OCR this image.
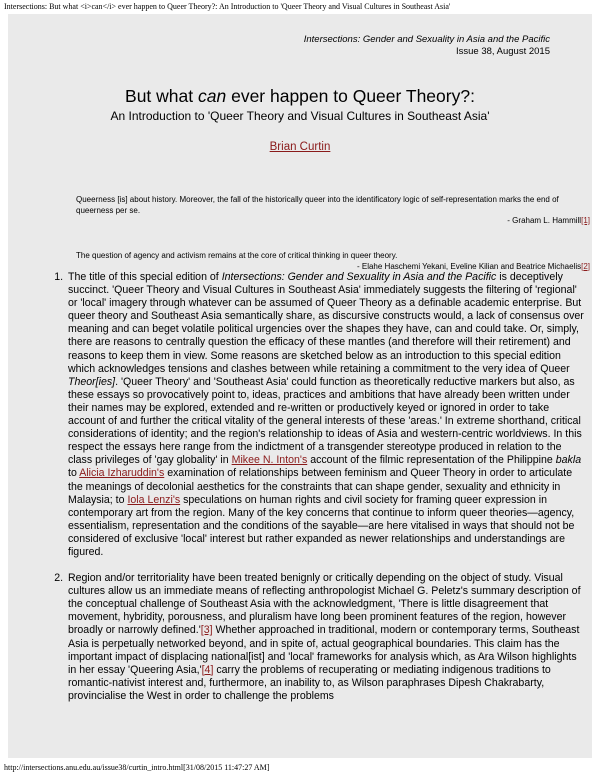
Intersections: But what <i>can</i> ever happen to Queer Theory?: An Introduction to 'Queer Theory and Visual Cultures in Southeast Asia'
Intersections: Gender and Sexuality in Asia and the Pacific
Issue 38, August 2015
But what can ever happen to Queer Theory?:
An Introduction to 'Queer Theory and Visual Cultures in Southeast Asia'
Brian Curtin
Queerness [is] about history. Moreover, the fall of the historically queer into the identificatory logic of self-representation marks the end of queerness per se.
- Graham L. Hammill[1]
The question of agency and activism remains at the core of critical thinking in queer theory.
- Elahe Haschemi Yekani, Eveline Kilian and Beatrice Michaelis[2]
1. The title of this special edition of Intersections: Gender and Sexuality in Asia and the Pacific is deceptively succinct. 'Queer Theory and Visual Cultures in Southeast Asia' immediately suggests the filtering of 'regional' or 'local' imagery through whatever can be assumed of Queer Theory as a definable academic enterprise. But queer theory and Southeast Asia semantically share, as discursive constructs would, a lack of consensus over meaning and can beget volatile political urgencies over the shapes they have, can and could take. Or, simply, there are reasons to centrally question the efficacy of these mantles (and therefore will their retirement) and reasons to keep them in view. Some reasons are sketched below as an introduction to this special edition which acknowledges tensions and clashes between while retaining a commitment to the very idea of Queer Theor[ies]. 'Queer Theory' and 'Southeast Asia' could function as theoretically reductive markers but also, as these essays so provocatively point to, ideas, practices and ambitions that have already been written under their names may be explored, extended and re-written or productively keyed or ignored in order to take account of and further the critical vitality of the general interests of these 'areas.' In extreme shorthand, critical considerations of identity; and the region's relationship to ideas of Asia and western-centric worldviews. In this respect the essays here range from the indictment of a transgender stereotype produced in relation to the class privileges of 'gay globality' in Mikee N. Inton's account of the filmic representation of the Philippine bakla to Alicia Izharuddin's examination of relationships between feminism and Queer Theory in order to articulate the meanings of decolonial aesthetics for the constraints that can shape gender, sexuality and ethnicity in Malaysia; to Iola Lenzi's speculations on human rights and civil society for framing queer expression in contemporary art from the region. Many of the key concerns that continue to inform queer theories—agency, essentialism, representation and the conditions of the sayable—are here vitalised in ways that should not be considered of exclusive 'local' interest but rather expanded as newer relationships and understandings are figured.
2. Region and/or territoriality have been treated benignly or critically depending on the object of study. Visual cultures allow us an immediate means of reflecting anthropologist Michael G. Peletz's summary description of the conceptual challenge of Southeast Asia with the acknowledgment, 'There is little disagreement that movement, hybridity, porousness, and pluralism have long been prominent features of the region, however broadly or narrowly defined.'[3] Whether approached in traditional, modern or contemporary terms, Southeast Asia is perpetually networked beyond, and in spite of, actual geographical boundaries. This claim has the important impact of displacing national[ist] and 'local' frameworks for analysis which, as Ara Wilson highlights in her essay 'Queering Asia,'[4] carry the problems of recuperating or mediating indigenous traditions to romantic-nativist interest and, furthermore, an inability to, as Wilson paraphrases Dipesh Chakrabarty, provincialise the West in order to challenge the problems
http://intersections.anu.edu.au/issue38/curtin_intro.html[31/08/2015 11:47:27 AM]
